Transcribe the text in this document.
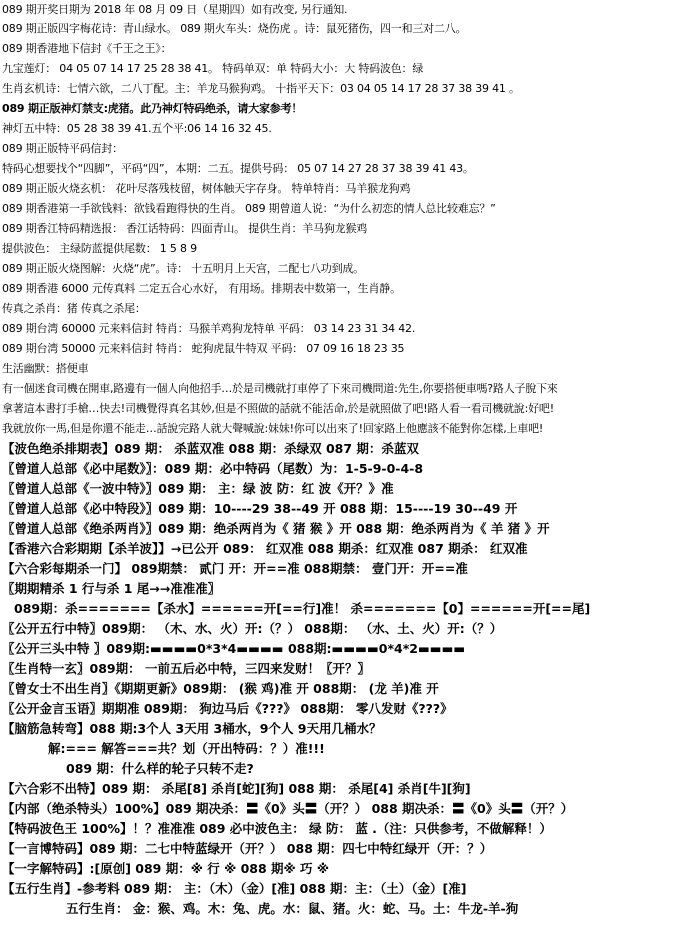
089 期开奖日期为 2018 年 08 月 09 日（星期四）如有改变, 另行通知.
089 期正版四字梅花诗：青山绿水。 089 期火车头：烧伤虎 。诗：鼠死猪伤，四一和三对二八。
089 期香港地下信封《千王之王》：
九宝莲灯： 04 05 07 14 17 25 28 38 41。 特码单双：单 特码大小：大 特码波色：绿
生肖玄机诗：七情六欲，二八丁配。主：羊龙马猴狗鸡。 十指平天下：03 04 05 14 17 28 37 38 39 41 。
089 期正版神灯禁支:虎猪。此乃神灯特码绝杀，请大家参考！
神灯五中特：05 28 38 39 41.五个平:06 14 16 32 45.
089 期正版特平码信封：
特码心想要找个“四脚”，平码“四”，本期：二五。提供号码： 05 07 14 27 28 37 38 39 41 43。
089 期正版火烧玄机： 花叶尽落残枝留，树体触天字存身。 特单特肖：马羊猴龙狗鸡
089 期香港第一手欲钱料：欲钱看跑得快的生肖。 089 期曾道人说：“为什么初恋的情人总比较难忘？”
089 期香江特码精选报： 香江话特码：四面青山。 提供生肖：羊马狗龙猴鸡
提供波色： 主绿防蓝提供尾数： 1 5 8 9
089 期正版火烧图解：火烧“虎”。诗： 十五明月上天宫，二配七八功到成。
089 期香港 6000 元传真料 二定五合心水好， 有用场。排期表中数第一，生肖静。
传真之杀肖：猪 传真之杀尾：
089 期台湾 60000 元来料信封 特肖：马猴羊鸡狗龙特单 平码： 03 14 23 31 34 42.
089 期台湾 50000 元来料信封 特肖： 蛇狗虎鼠牛特双 平码： 07 09 16 18 23 35
生活幽默：搭便車
有一個迷食司機在開車,路邊有一個人向他招手…於是司機就打車停了下來司機問道:先生,你要搭便車嗎?路人子脫下來
拿著這本書打手槍…快去!司機覺得真名其妙,但是不照做的話就不能活命,於是就照做了吧!路人看一看司機就說:好吧!
我就放你一馬,但是你還不能走…話說完路人就大聲喊說:妹妹!你可以出來了!回家路上他應該不能對你怎樣,上車吧!
【波色绝杀排期表】089 期： 杀蓝双准 088 期：杀绿双 087 期：杀蓝双
〖曾道人总部《必中尾数》〗：089 期：必中特码（尾数）为：1-5-9-0-4-8
〖曾道人总部《一波中特》〗089 期： 主：绿 波 防：红 波《开？》准
〖曾道人总部《必中特段》〗089 期：10----29 38--49 开 088 期：15----19 30--49 开
〖曾道人总部《绝杀两肖》〗089 期：绝杀两肖为《 猪 猴 》开 088 期：绝杀两肖为《 羊 猪 》开
【香港六合彩期期【杀羊波】】→已公开 089： 红双准 088 期杀：红双准 087 期杀： 红双准
【六合彩每期杀一门】 089期禁： 贰门 开：开==准 088期禁： 壹门开：开==准
〖期期精杀 1 行与杀 1 尾→→准准准〗
089期：杀=======【杀水】======开[==行]准！ 杀=======【0】======开[==尾]
〖公开五行中特〗089期： （木、水、火）开:（？） 088期： （水、土、火）开:（？）
〖公开三头中特 〗089期:▬▬▬▬0*3*4▬▬▬▬ 088期:▬▬▬▬0*4*2▬▬▬▬
〖生肖特一玄〗089期： 一前五后必中特，三四来发财！〖开？〗
〖曾女士不出生肖〗《期期更新》089期： (猴 鸡)准 开 088期： (龙 羊)准 开
〖公开金言玉语〗期期准 089期： 狗边马后《???》 088期： 零八发财《???》
【脑筋急转弯】088 期:3个人 3天用 3桶水，9个人 9天用几桶水？
解:=== 解答===共？划（开出特码：？）准!!!
089 期：什么样的轮子只转不走?
【六合彩不出特】089 期： 杀尾[8] 杀肖[蛇][狗] 088 期： 杀尾[4] 杀肖[牛][狗]
【内部（绝杀特头）100%】089 期决杀：〓《0》头〓（开？） 088 期决杀：〓《0》头〓（开？）
【特码波色王 100%】！？准准准 089 必中波色主： 绿 防： 蓝 .（注：只供参考，不做解释！）
【一言博特码】089 期：二七中特蓝绿开（开？） 088 期：四七中特红绿开（开：？）
【一字解特码】:[原创] 089 期：※ 行 ※ 088 期※ 巧 ※
【五行生肖】-参考料 089 期： 主：（木）（金）[准] 088 期：主：（土）（金）[准]
五行生肖： 金：猴、鸡。木：兔、虎。水：鼠、猪。火：蛇、马。土：牛龙-羊-狗
